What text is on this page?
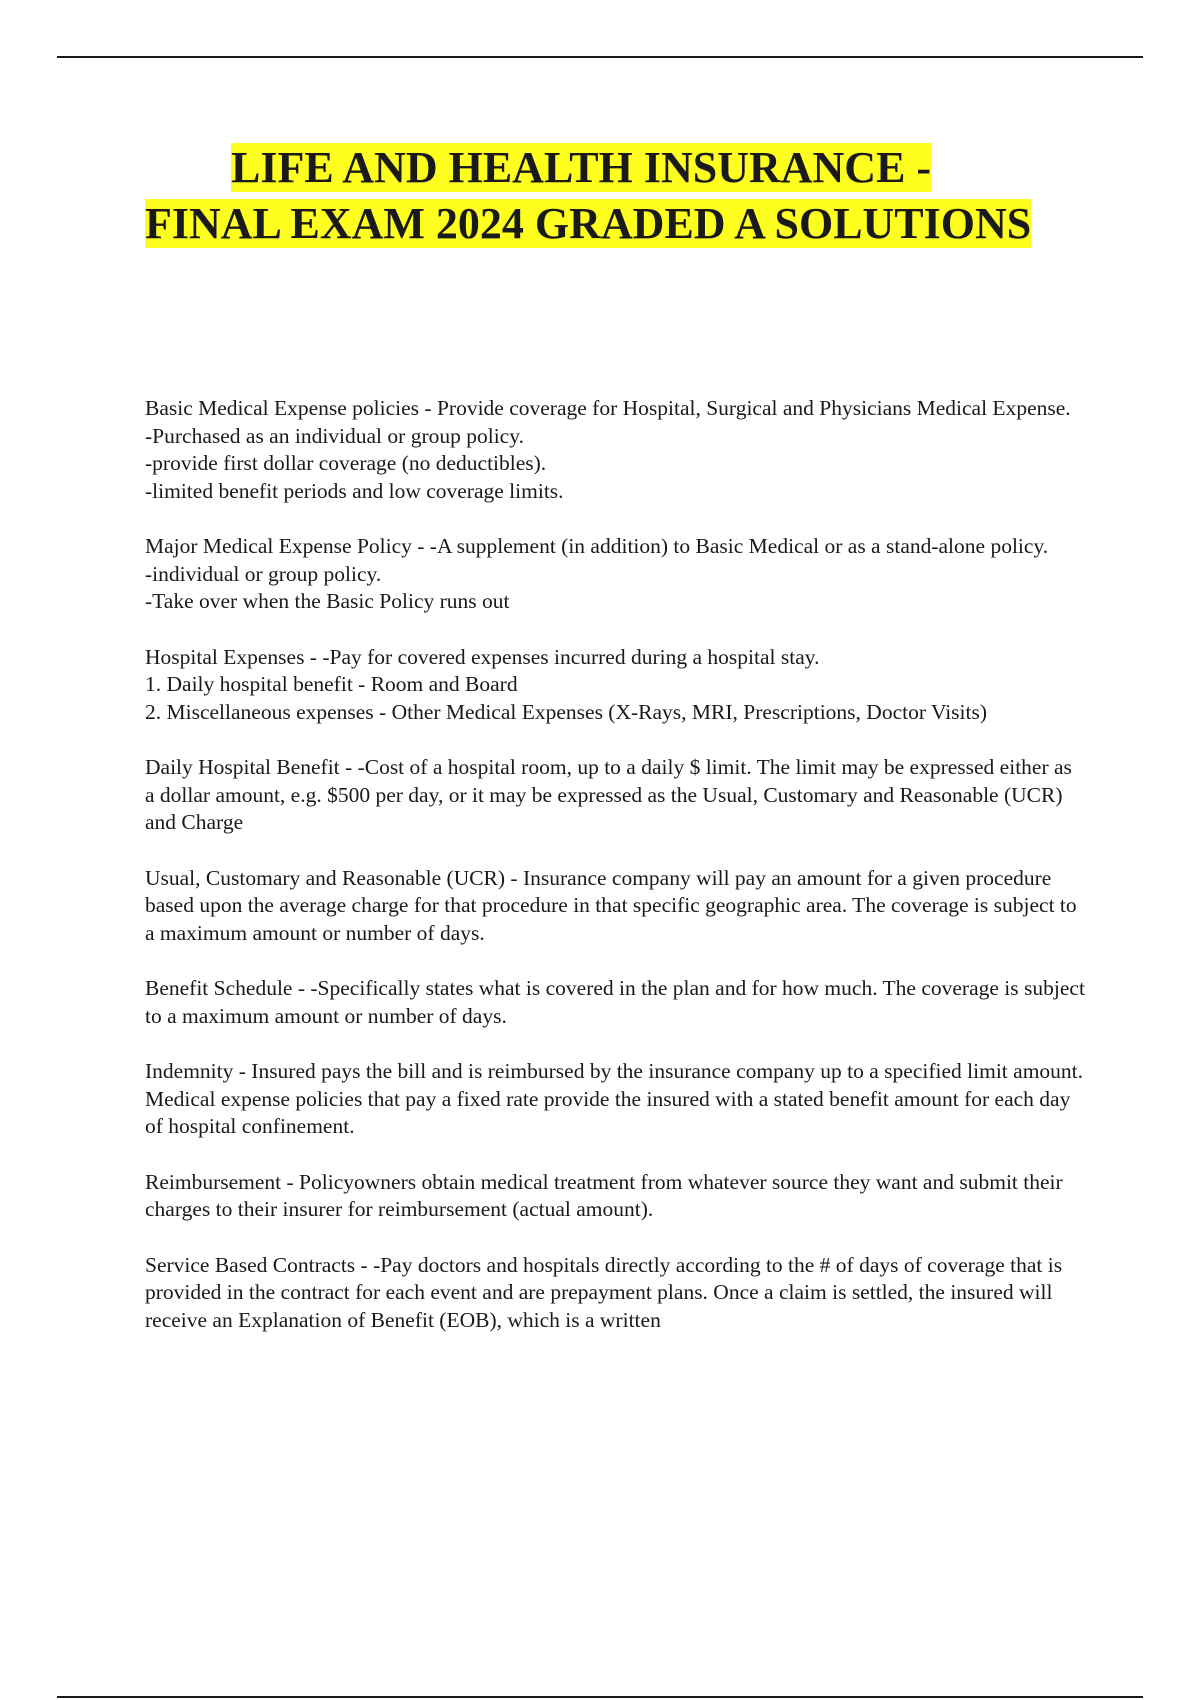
LIFE AND HEALTH INSURANCE - FINAL EXAM 2024 GRADED A SOLUTIONS
Basic Medical Expense policies - Provide coverage for Hospital, Surgical and Physicians Medical Expense.
-Purchased as an individual or group policy.
-provide first dollar coverage (no deductibles).
-limited benefit periods and low coverage limits.
Major Medical Expense Policy - -A supplement (in addition) to Basic Medical or as a stand-alone policy.
-individual or group policy.
-Take over when the Basic Policy runs out
Hospital Expenses - -Pay for covered expenses incurred during a hospital stay.
1. Daily hospital benefit - Room and Board
2. Miscellaneous expenses - Other Medical Expenses (X-Rays, MRI, Prescriptions, Doctor Visits)
Daily Hospital Benefit - -Cost of a hospital room, up to a daily $ limit. The limit may be expressed either as a dollar amount, e.g. $500 per day, or it may be expressed as the Usual, Customary and Reasonable (UCR) and Charge
Usual, Customary and Reasonable (UCR) - Insurance company will pay an amount for a given procedure based upon the average charge for that procedure in that specific geographic area. The coverage is subject to a maximum amount or number of days.
Benefit Schedule - -Specifically states what is covered in the plan and for how much. The coverage is subject to a maximum amount or number of days.
Indemnity - Insured pays the bill and is reimbursed by the insurance company up to a specified limit amount. Medical expense policies that pay a fixed rate provide the insured with a stated benefit amount for each day of hospital confinement.
Reimbursement - Policyowners obtain medical treatment from whatever source they want and submit their charges to their insurer for reimbursement (actual amount).
Service Based Contracts - -Pay doctors and hospitals directly according to the # of days of coverage that is provided in the contract for each event and are prepayment plans. Once a claim is settled, the insured will receive an Explanation of Benefit (EOB), which is a written
